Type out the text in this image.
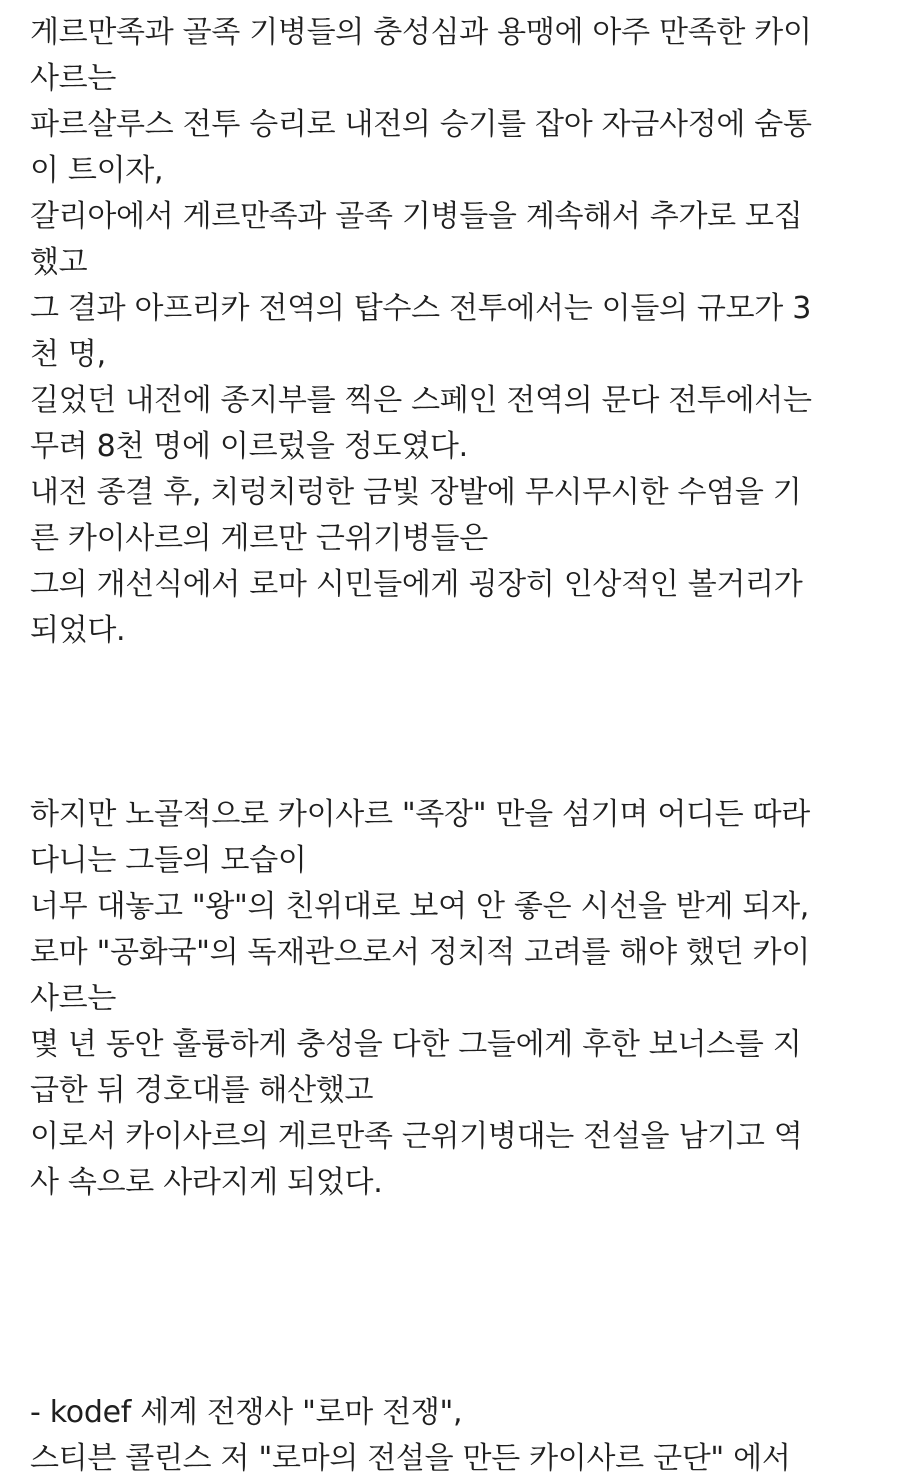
게르만족과 골족 기병들의 충성심과 용맹에 아주 만족한 카이
사르는
파르살루스 전투 승리로 내전의 승기를 잡아 자금사정에 숨통
이 트이자,
갈리아에서 게르만족과 골족 기병들을 계속해서 추가로 모집
했고
그 결과 아프리카 전역의 탑수스 전투에서는 이들의 규모가 3
천 명,
길었던 내전에 종지부를 찍은 스페인 전역의 문다 전투에서는
무려 8천 명에 이르렀을 정도였다.
내전 종결 후, 치렁치렁한 금빛 장발에 무시무시한 수염을 기
른 카이사르의 게르만 근위기병들은
그의 개선식에서 로마 시민들에게 굉장히 인상적인 볼거리가
되었다.
하지만 노골적으로 카이사르 "족장" 만을 섬기며 어디든 따라
다니는 그들의 모습이
너무 대놓고 "왕"의 친위대로 보여 안 좋은 시선을 받게 되자,
로마 "공화국"의 독재관으로서 정치적 고려를 해야 했던 카이
사르는
몇 년 동안 훌륭하게 충성을 다한 그들에게 후한 보너스를 지
급한 뒤 경호대를 해산했고
이로서 카이사르의 게르만족 근위기병대는 전설을 남기고 역
사 속으로 사라지게 되었다.
- kodef 세계 전쟁사 "로마 전쟁",
스티븐 콜린스 저 "로마의 전설을 만든 카이사르 군단" 에서
